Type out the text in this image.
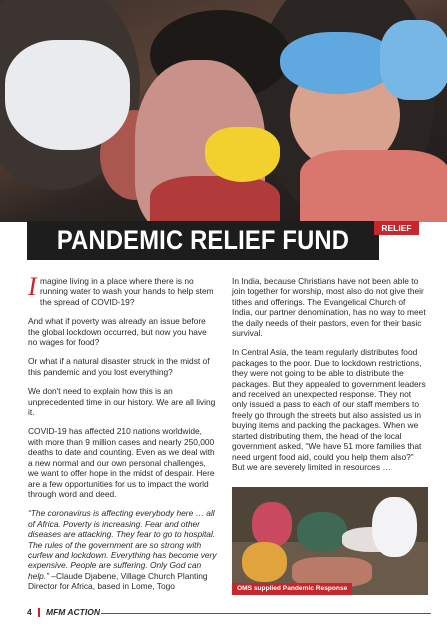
PANDEMIC RELIEF FUND	RELIEF

I magine living in a place where there is no running water to wash your hands to help stem the spread of COVID-19?

And what if poverty was already an issue before the global lockdown occurred, but now you have no wages for food?

Or what if a natural disaster struck in the midst of this pandemic and you lost everything?

We don't need to explain how this is an unprecedented time in our history. We are all living it.

COVID-19 has affected 210 nations worldwide, with more than 9 million cases and nearly 250,000 deaths to date and counting. Even as we deal with a new normal and our own personal challenges, we want to offer hope in the midst of despair. Here are a few opportunities for us to impact the world through word and deed.

“The coronavirus is affecting everybody here … all of Africa. Poverty is increasing. Fear and other diseases are attacking. They fear to go to hospital. The rules of the government are so strong with curfew and lockdown. Everything has become very expensive. People are suffering. Only God can help.” –Claude Djabene, Village Church Planting Director for Africa, based in Lome, Togo

In India, because Christians have not been able to join together for worship, most also do not give their tithes and offerings. The Evangelical Church of India, our partner denomination, has no way to meet the daily needs of their pastors, even for their basic survival.

In Central Asia, the team regularly distributes food packages to the poor. Due to lockdown restrictions, they were not going to be able to distribute the packages. But they appealed to government leaders and received an unexpected response. They not only issued a pass to each of our staff members to freely go through the streets but also assisted us in buying items and packing the packages. When we started distributing them, the head of the local government asked, “We have 51 more families that need urgent food aid, could you help them also?” But we are severely limited in resources …

OMS supplied Pandemic Response
4 MFM ACTION
